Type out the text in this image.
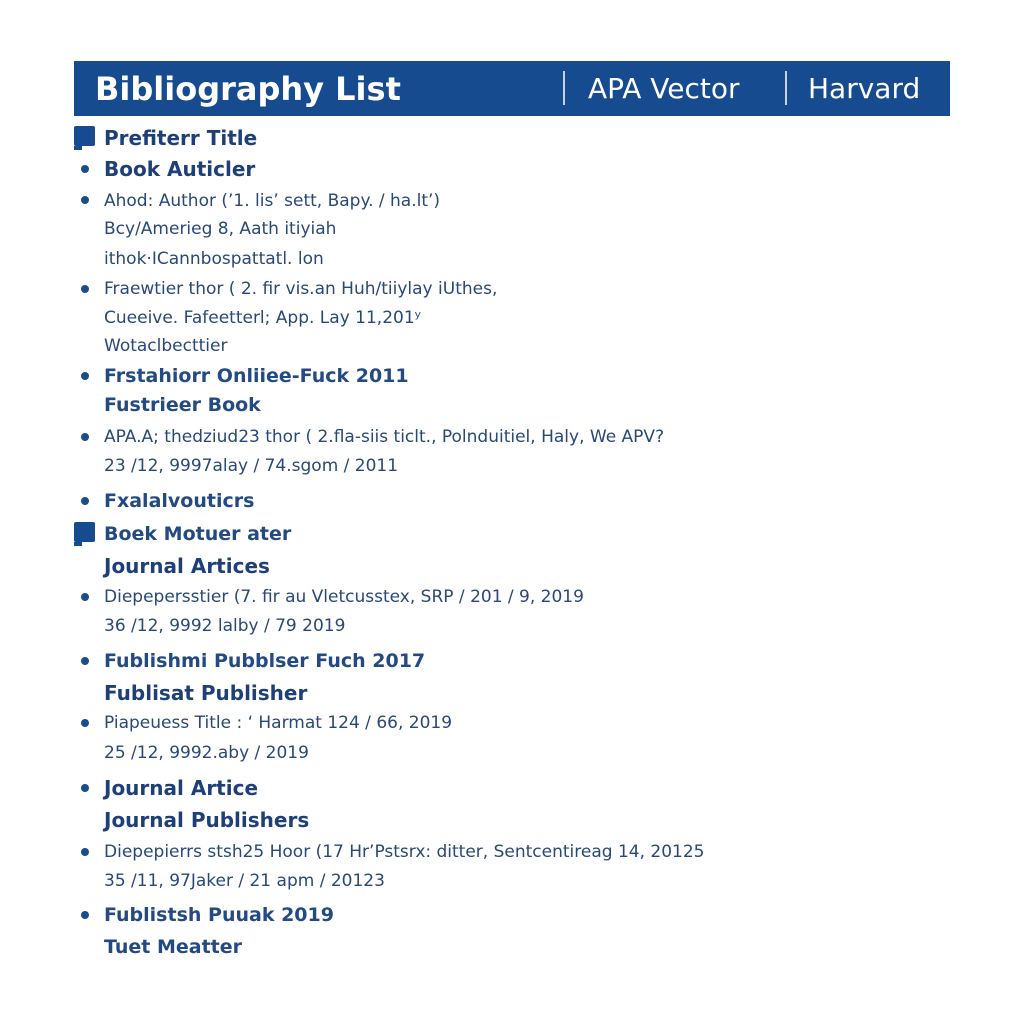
Bibliography List	APA Vector Harvard
Prefiterr Title
Book Auticler
Ahod: Author (’1. lis’ sett, Bapy. / ha.lt’)
Bcy/Amerieg 8, Aath itiyiah
ithok·ICannbospattatl. lon
Fraewtier thor ( 2. fir vis.an Huh/tiiylay iUthes,
Cueeive. Fafeetterl; App. Lay 11,201ʸ
Wotaclbecttier
Frstahiorr Onliiee-Fuck 2011
Fustrieer Book
APA.A; thedziud23 thor ( 2.fla-siis ticlt., Polnduitiel, Haly, We APV?
23 /12, 9997alay / 74.sgom / 2011
Fxalalvouticrs
Boek Motuer ater
Journal Artices
Diepepersstier (7. fir au Vletcusstex, SRP / 201 / 9, 2019
36 /12, 9992 lalby / 79 2019
Fublishmi Pubblser Fuch 2017
Fublisat Publisher
Piapeuess Title : ‘ Harmat 124 / 66, 2019
25 /12, 9992.aby / 2019
Journal Artice
Journal Publishers
Diepepierrs stsh25 Hoor (17 Hr’Pstsrx: ditter, Sentcentireag 14, 20125
35 /11, 97Jaker / 21 apm / 20123
Fublistsh Puuak 2019
Tuet Meatter
